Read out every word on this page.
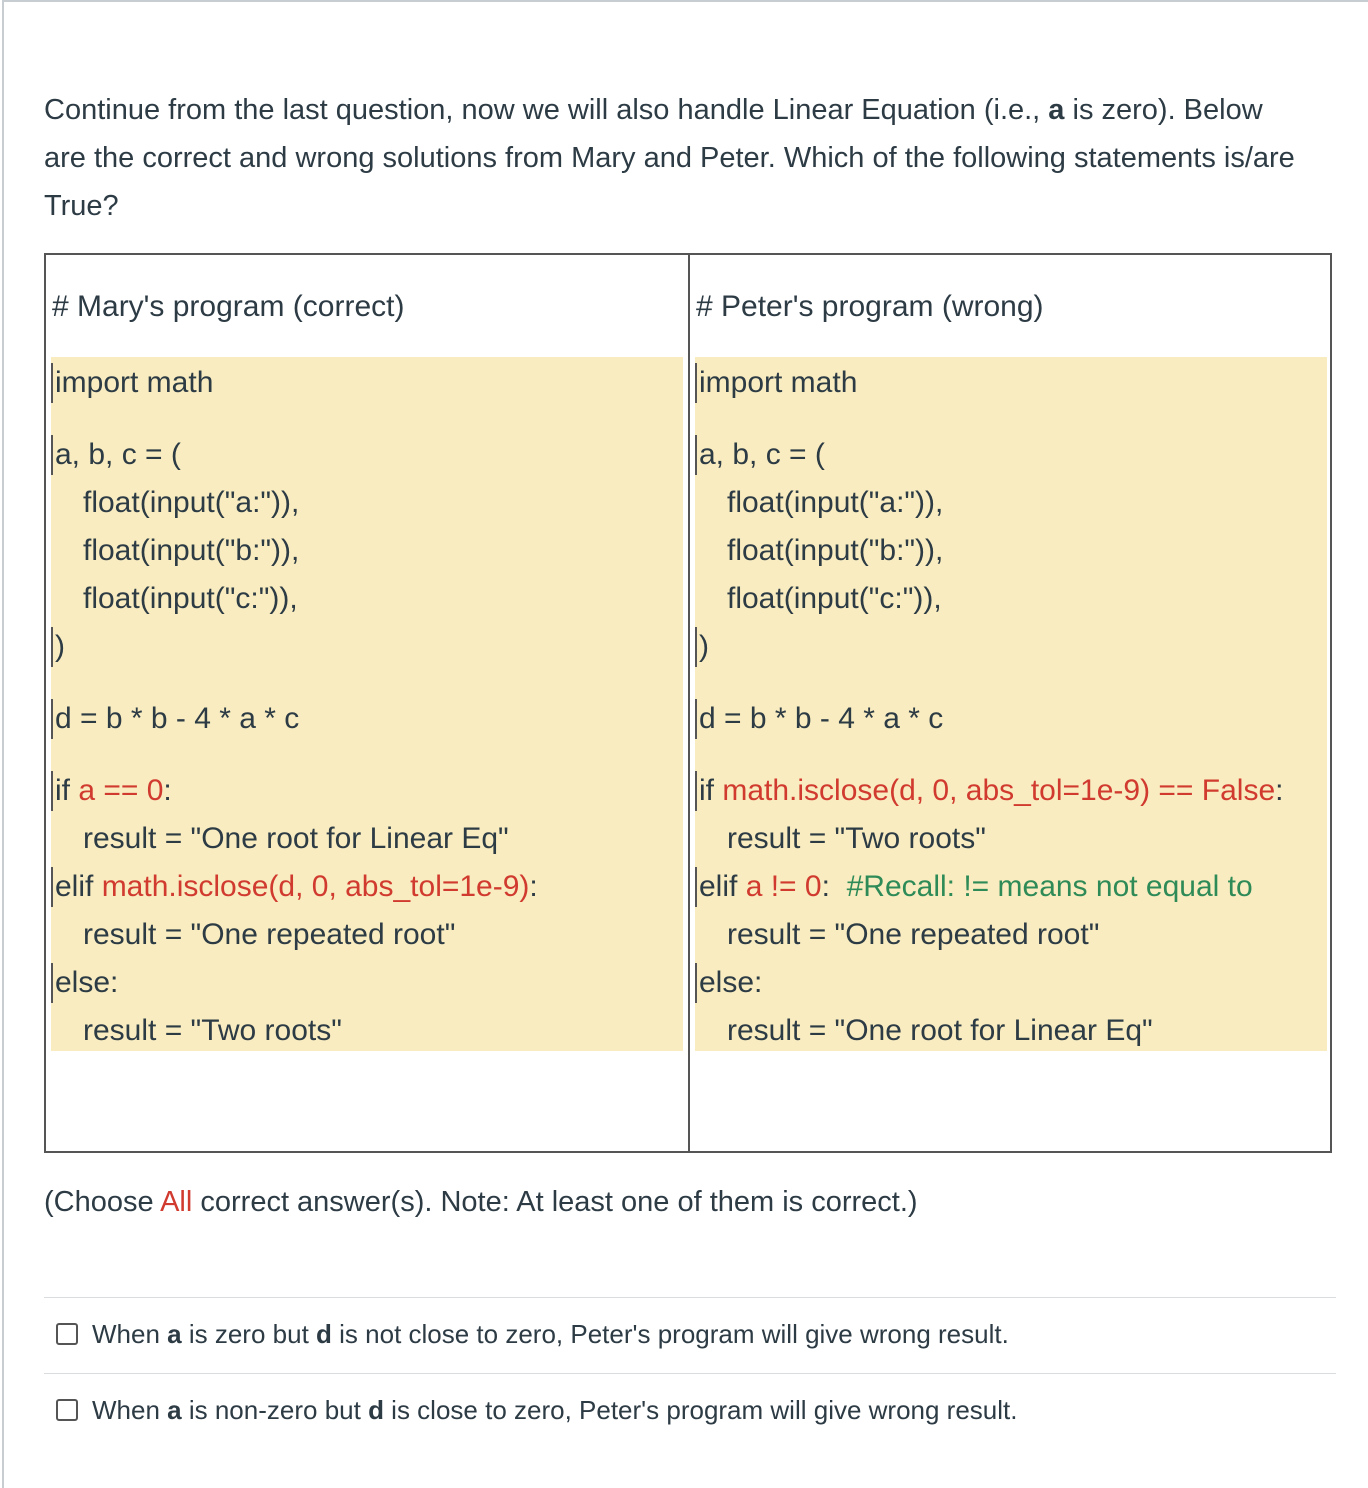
Continue from the last question, now we will also handle Linear Equation (i.e., a is zero). Below are the correct and wrong solutions from Mary and Peter. Which of the following statements is/are True?

# Mary's program (correct)
import math
a, b, c = (
float(input("a:")),
float(input("b:")),
float(input("c:")),
)
d = b * b - 4 * a * c
if a == 0:
result = "One root for Linear Eq"
elif math.isclose(d, 0, abs_tol=1e-9):
result = "One repeated root"
else:
result = "Two roots"
# Peter's program (wrong)
import math
a, b, c = (
float(input("a:")),
float(input("b:")),
float(input("c:")),
)
d = b * b - 4 * a * c
if math.isclose(d, 0, abs_tol=1e-9) == False:
result = "Two roots"
elif a != 0:  #Recall: != means not equal to
result = "One repeated root"
else:
result = "One root for Linear Eq"
(Choose All correct answer(s). Note: At least one of them is correct.)
When a is zero but d is not close to zero, Peter's program will give wrong result.
When a is non-zero but d is close to zero, Peter's program will give wrong result.
